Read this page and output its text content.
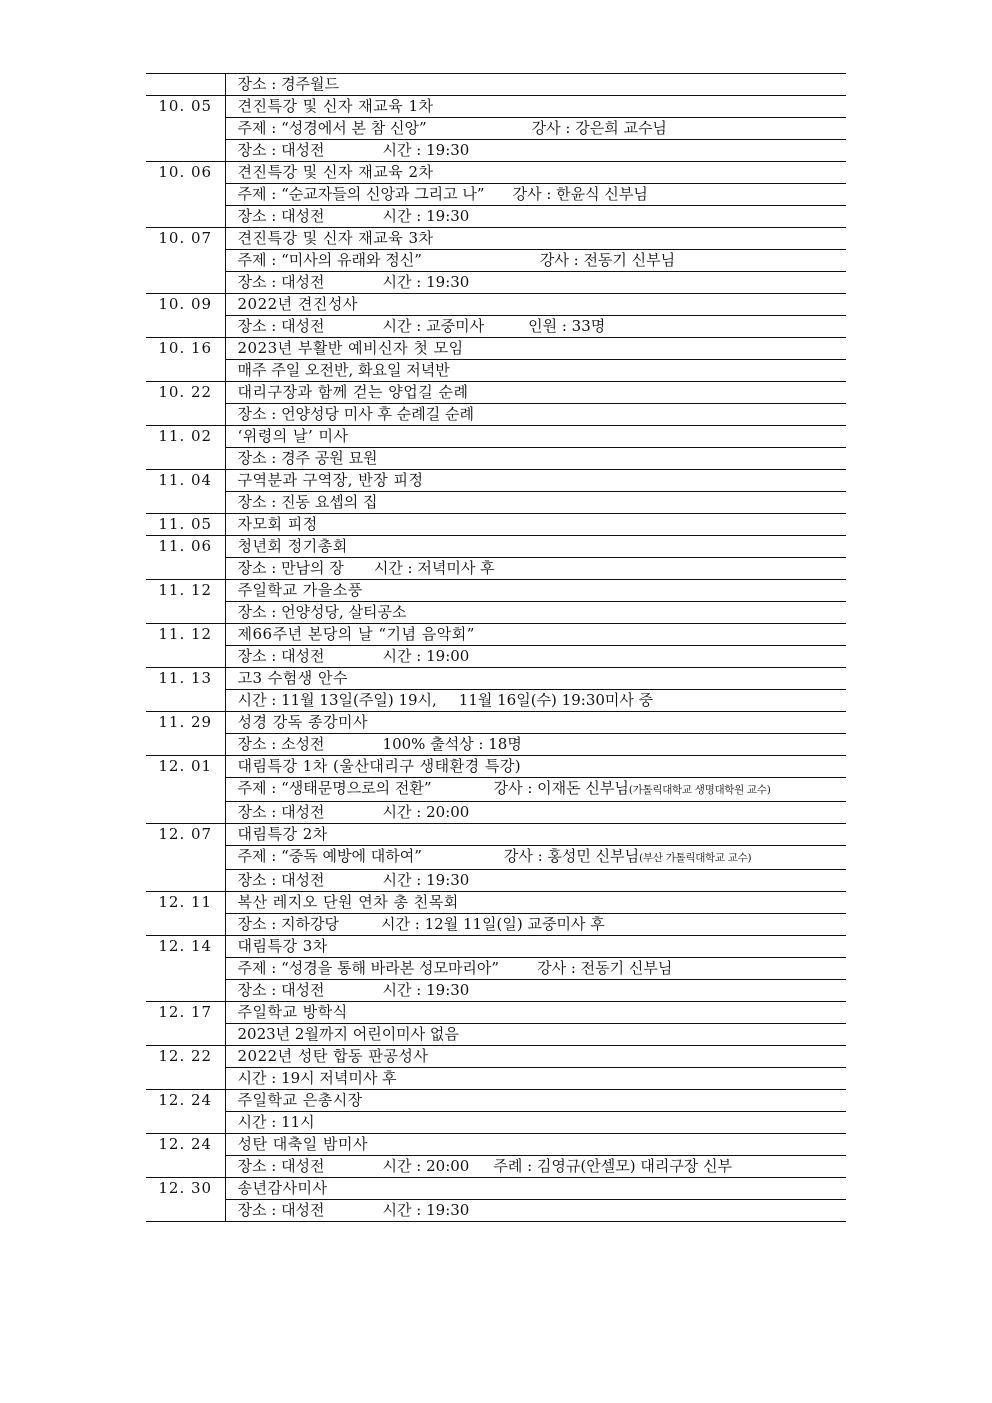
	장소 : 경주월드
10. 05	견진특강 및 신자 재교육 1차
	주제 : “성경에서 본 참 신앙” 강사 : 강은희 교수님
	장소 : 대성전 시간 : 19:30
10. 06	견진특강 및 신자 재교육 2차
	주제 : “순교자들의 신앙과 그리고 나” 강사 : 한윤식 신부님
	장소 : 대성전 시간 : 19:30
10. 07	견진특강 및 신자 재교육 3차
	주제 : “미사의 유래와 정신” 강사 : 전동기 신부님
	장소 : 대성전 시간 : 19:30
10. 09	2022년 견진성사
	장소 : 대성전 시간 : 교중미사 인원 : 33명
10. 16	2023년 부활반 예비신자 첫 모임
	매주 주일 오전반, 화요일 저녁반
10. 22	대리구장과 함께 걷는 양업길 순례
	장소 : 언양성당 미사 후 순례길 순례
11. 02	‘위령의 날’ 미사
	장소 : 경주 공원 묘원
11. 04	구역분과 구역장, 반장 피정
	장소 : 진동 요셉의 집
11. 05	자모회 피정
11. 06	청년회 정기총회
	장소 : 만남의 장 시간 : 저녁미사 후
11. 12	주일학교 가을소풍
	장소 : 언양성당, 살티공소
11. 12	제66주년 본당의 날 “기념 음악회”
	장소 : 대성전 시간 : 19:00
11. 13	고3 수험생 안수
	시간 : 11월 13일(주일) 19시, 11월 16일(수) 19:30미사 중
11. 29	성경 강독 종강미사
	장소 : 소성전 100% 출석상 : 18명
12. 01	대림특강 1차 (울산대리구 생태환경 특강)
	주제 : “생태문명으로의 전환” 강사 : 이재돈 신부님(가톨릭대학교 생명대학원 교수)
	장소 : 대성전 시간 : 20:00
12. 07	대림특강 2차
	주제 : “중독 예방에 대하여” 강사 : 홍성민 신부님(부산 가톨릭대학교 교수)
	장소 : 대성전 시간 : 19:30
12. 11	복산 레지오 단원 연차 총 친목회
	장소 : 지하강당 시간 : 12월 11일(일) 교중미사 후
12. 14	대림특강 3차
	주제 : “성경을 통해 바라본 성모마리아” 강사 : 전동기 신부님
	장소 : 대성전 시간 : 19:30
12. 17	주일학교 방학식
	2023년 2월까지 어린이미사 없음
12. 22	2022년 성탄 합동 판공성사
	시간 : 19시 저녁미사 후
12. 24	주일학교 은총시장
	시간 : 11시
12. 24	성탄 대축일 밤미사
	장소 : 대성전 시간 : 20:00 주례 : 김영규(안셀모) 대리구장 신부
12. 30	송년감사미사
	장소 : 대성전 시간 : 19:30
